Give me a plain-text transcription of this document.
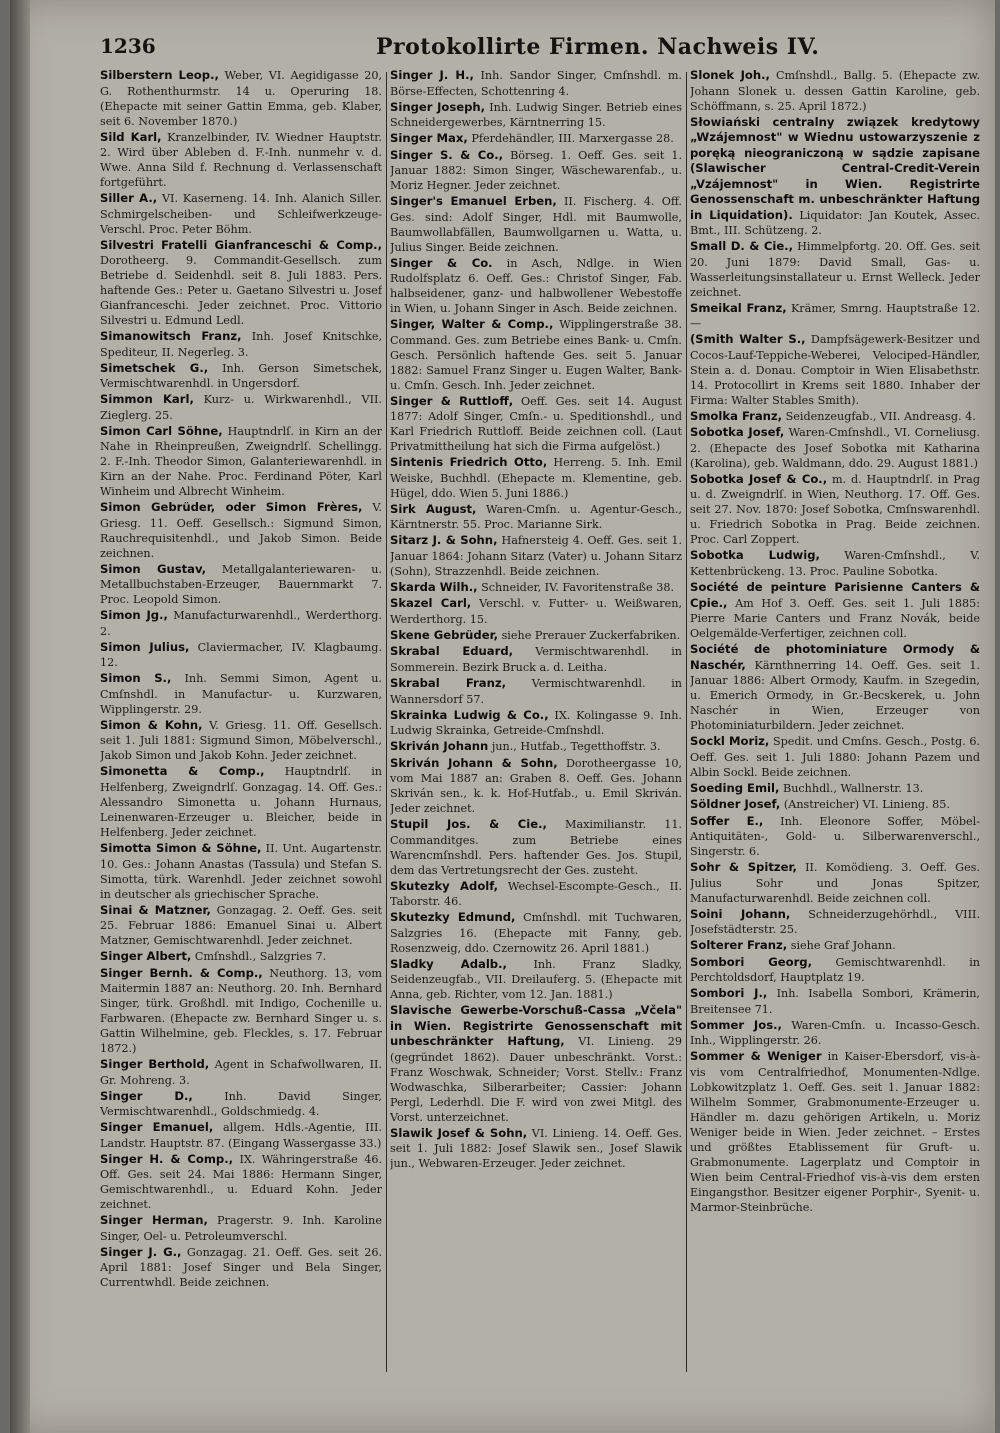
1236	Protokollirte Firmen. Nachweis IV.

Silberstern Leop., Weber, VI. Aegidigasse 20, G. Rothenthurmstr. 14 u. Operuring 18. (Ehepacte mit seiner Gattin Emma, geb. Klaber, seit 6. November 1870.)

Sild Karl, Kranzelbinder, IV. Wiedner Hauptstr. 2. Wird über Ableben d. F.-Inh. nunmehr v. d. Wwe. Anna Sild f. Rechnung d. Verlassenschaft fortgeführt.

Siller A., VI. Kaserneng. 14. Inh. Alanich Siller. Schmirgelscheiben- und Schleifwerkzeuge-Verschl. Proc. Peter Böhm.

Silvestri Fratelli Gianfranceschi & Comp., Dorotheerg. 9. Commandit-Gesellsch. zum Betriebe d. Seidenhdl. seit 8. Juli 1883. Pers. haftende Ges.: Peter u. Gaetano Silvestri u. Josef Gianfranceschi. Jeder zeichnet. Proc. Vittorio Silvestri u. Edmund Ledl.

Simanowitsch Franz, Inh. Josef Knitschke, Spediteur, II. Negerleg. 3.

Simetschek G., Inh. Gerson Simetschek, Vermischtwarenhdl. in Ungersdorf.

Simmon Karl, Kurz- u. Wirkwarenhdl., VII. Zieglerg. 25.

Simon Carl Söhne, Hauptndrlſ. in Kirn an der Nahe in Rheinpreußen, Zweigndrlſ. Schellingg. 2. F.-Inh. Theodor Simon, Galanteriewarenhdl. in Kirn an der Nahe. Proc. Ferdinand Pöter, Karl Winheim und Albrecht Winheim.

Simon Gebrüder, oder Simon Frères, V. Griesg. 11. Oeff. Gesellsch.: Sigmund Simon, Rauchrequisitenhdl., und Jakob Simon. Beide zeichnen.

Simon Gustav, Metallgalanteriewaren- u. Metallbuchstaben-Erzeuger, Bauernmarkt 7. Proc. Leopold Simon.

Simon Jg., Manufacturwarenhdl., Werderthorg. 2.

Simon Julius, Claviermacher, IV. Klagbaumg. 12.

Simon S., Inh. Semmi Simon, Agent u. Cmſnshdl. in Manufactur- u. Kurzwaren, Wipplingerstr. 29.

Simon & Kohn, V. Griesg. 11. Off. Gesellsch. seit 1. Juli 1881: Sigmund Simon, Möbelverschl., Jakob Simon und Jakob Kohn. Jeder zeichnet.

Simonetta & Comp., Hauptndrlſ. in Helfenberg, Zweigndrlſ. Gonzagag. 14. Off. Ges.: Alessandro Simonetta u. Johann Hurnaus, Leinenwaren-Erzeuger u. Bleicher, beide in Helfenberg. Jeder zeichnet.

Simotta Simon & Söhne, II. Unt. Augartenstr. 10. Ges.: Johann Anastas (Tassula) und Stefan S. Simotta, türk. Warenhdl. Jeder zeichnet sowohl in deutscher als griechischer Sprache.

Sinai & Matzner, Gonzagag. 2. Oeff. Ges. seit 25. Februar 1886: Emanuel Sinai u. Albert Matzner, Gemischtwarenhdl. Jeder zeichnet.

Singer Albert, Cmſnshdl., Salzgries 7.

Singer Bernh. & Comp., Neuthorg. 13, vom Maitermin 1887 an: Neuthorg. 20. Inh. Bernhard Singer, türk. Großhdl. mit Indigo, Cochenille u. Farbwaren. (Ehepacte zw. Bernhard Singer u. s. Gattin Wilhelmine, geb. Fleckles, s. 17. Februar 1872.)

Singer Berthold, Agent in Schafwollwaren, II. Gr. Mohreng. 3.

Singer D.,	Inh. David Singer, Vermischtwarenhdl., Goldschmiedg. 4.

Singer Emanuel, allgem. Hdls.-Agentie, III. Landstr. Hauptstr. 87. (Eingang Wassergasse 33.)

Singer H. & Comp., IX. Währingerstraße 46. Off. Ges. seit 24. Mai 1886: Hermann Singer, Gemischtwarenhdl., u. Eduard Kohn. Jeder zeichnet.

Singer Herman, Pragerstr. 9. Inh. Karoline Singer, Oel- u. Petroleumverschl.

Singer J. G., Gonzagag. 21. Oeff. Ges. seit 26. April 1881: Josef Singer und Bela Singer, Currentwhdl. Beide zeichnen.

Singer J. H., Inh. Sandor Singer, Cmſnshdl. m. Börse-Effecten, Schottenring 4.

Singer Joseph, Inh. Ludwig Singer. Betrieb eines Schneidergewerbes, Kärntnerring 15.

Singer Max, Pferdehändler, III. Marxergasse 28.

Singer S. & Co., Börseg. 1. Oeff. Ges. seit 1. Januar 1882: Simon Singer, Wäschewarenfab., u. Moriz Hegner. Jeder zeichnet.

Singer's Emanuel Erben, II. Fischerg. 4. Off. Ges. sind: Adolf Singer, Hdl. mit Baumwolle, Baumwollabfällen, Baumwollgarnen u. Watta, u. Julius Singer. Beide zeichnen.

Singer & Co. in Asch, Ndlge. in Wien Rudolfsplatz 6. Oeff. Ges.: Christof Singer, Fab. halbseidener, ganz- und halbwollener Webestoffe in Wien, u. Johann Singer in Asch. Beide zeichnen.

Singer, Walter & Comp., Wipplingerstraße 38. Command. Ges. zum Betriebe eines Bank- u. Cmſn. Gesch. Persönlich haftende Ges. seit 5. Januar 1882: Samuel Franz Singer u. Eugen Walter, Bank- u. Cmſn. Gesch. Inh. Jeder zeichnet.

Singer & Ruttloff, Oeff. Ges. seit 14. August 1877: Adolf Singer, Cmſn.- u. Speditionshdl., und Karl Friedrich Ruttloff. Beide zeichnen coll. (Laut Privatmittheilung hat sich die Firma aufgelöst.)

Sintenis Friedrich Otto, Herreng. 5. Inh. Emil Weiske, Buchhdl. (Ehepacte m. Klementine, geb. Hügel, ddo. Wien 5. Juni 1886.)

Sirk August, Waren-Cmſn. u. Agentur-Gesch., Kärntnerstr. 55. Proc. Marianne Sirk.

Sitarz J. & Sohn, Hafnersteig 4. Oeff. Ges. seit 1. Januar 1864: Johann Sitarz (Vater) u. Johann Sitarz (Sohn), Strazzenhdl. Beide zeichnen.

Skarda Wilh., Schneider, IV. Favoritenstraße 38.

Skazel Carl, Verschl. v. Futter- u. Weißwaren, Werderthorg. 15.

Skene Gebrüder, siehe Prerauer Zuckerfabriken.

Skrabal Eduard, Vermischtwarenhdl. in Sommerein. Bezirk Bruck a. d. Leitha.

Skrabal Franz, Vermischtwarenhdl. in Wannersdorf 57.

Skrainka Ludwig & Co., IX. Kolingasse 9. Inh. Ludwig Skrainka, Getreide-Cmſnshdl.

Skriván Johann jun., Hutfab., Tegetthoffstr. 3.

Skriván Johann & Sohn, Dorotheergasse 10, vom Mai 1887 an: Graben 8. Oeff. Ges. Johann Skriván sen., k. k. Hof-Hutfab., u. Emil Skriván. Jeder zeichnet.

Stupil Jos. & Cie., Maximilianstr. 11. Commanditges. zum Betriebe eines Warencmſnshdl. Pers. haftender Ges. Jos. Stupil, dem das Vertretungsrecht der Ges. zusteht.

Skutezky Adolf, Wechsel-Escompte-Gesch., II. Taborstr. 46.

Skutezky Edmund, Cmſnshdl. mit Tuchwaren, Salzgries 16. (Ehepacte mit Fanny, geb. Rosenzweig, ddo. Czernowitz 26. April 1881.)

Sladky Adalb., Inh. Franz Sladky, Seidenzeugfab., VII. Dreilauferg. 5. (Ehepacte mit Anna, geb. Richter, vom 12. Jan. 1881.)

Slavische Gewerbe-Vorschuß-Cassa „Včela" in Wien. Registrirte Genossenschaft mit unbeschränkter Haftung, VI. Linieng. 29 (gegründet 1862). Dauer unbeschränkt. Vorst.: Franz Woschwak, Schneider; Vorst. Stellv.: Franz Wodwaschka, Silberarbeiter; Cassier: Johann Pergl, Lederhdl. Die F. wird von zwei Mitgl. des Vorst. unterzeichnet.

Slawik Josef & Sohn, VI. Linieng. 14. Oeff. Ges. seit 1. Juli 1882: Josef Slawik sen., Josef Slawik jun., Webwaren-Erzeuger. Jeder zeichnet.

Slonek Joh., Cmſnshdl., Ballg. 5. (Ehepacte zw. Johann Slonek u. dessen Gattin Karoline, geb. Schöffmann, s. 25. April 1872.)

Słowiański centralny związek kredytowy „Wzájemnost" w Wiednu ustowarzyszenie z poręką nieograniczoną w sądzie zapisane (Slawischer Central-Credit-Verein „Vzájemnost" in Wien. Registrirte Genossenschaft m. unbeschränkter Haftung in Liquidation). Liquidator: Jan Koutek, Assec. Bmt., III. Schützeng. 2.

Small D. & Cie., Himmelpfortg. 20. Off. Ges. seit 20. Juni 1879: David Small, Gas- u. Wasserleitungsinstallateur u. Ernst Welleck. Jeder zeichnet.

Smeikal Franz, Krämer, Smrng. Hauptstraße 12. —

(Smith Walter S., Dampfsägewerk-Besitzer und Cocos-Lauf-Teppiche-Weberei, Velociped-Händler, Stein a. d. Donau. Comptoir in Wien Elisabethstr. 14. Protocollirt in Krems seit 1880. Inhaber der Firma: Walter Stables Smith).

Smolka Franz, Seidenzeugfab., VII. Andreasg. 4.

Sobotka Josef, Waren-Cmſnshdl., VI. Corneliusg. 2. (Ehepacte des Josef Sobotka mit Katharina (Karolina), geb. Waldmann, ddo. 29. August 1881.)

Sobotka Josef & Co., m. d. Hauptndrlſ. in Prag u. d. Zweigndrlſ. in Wien, Neuthorg. 17. Off. Ges. seit 27. Nov. 1870: Josef Sobotka, Cmſnswarenhdl. u. Friedrich Sobotka in Prag. Beide zeichnen. Proc. Carl Zoppert.

Sobotka Ludwig, Waren-Cmſnshdl., V. Kettenbrückeng. 13. Proc. Pauline Sobotka.

Société de peinture Parisienne Canters & Cpie., Am Hof 3. Oeff. Ges. seit 1. Juli 1885: Pierre Marie Canters und Franz Novák, beide Oelgemälde-Verfertiger, zeichnen coll.

Société de photominiature Ormody & Naschér, Kärnthnerring 14. Oeff. Ges. seit 1. Januar 1886: Albert Ormody, Kaufm. in Szegedin, u. Emerich Ormody, in Gr.-Becskerek, u. John Naschér in Wien, Erzeuger von Photominiaturbildern. Jeder zeichnet.

Sockl Moriz, Spedit. und Cmſns. Gesch., Postg. 6. Oeff. Ges. seit 1. Juli 1880: Johann Pazem und Albin Sockl. Beide zeichnen.

Soeding Emil, Buchhdl., Wallnerstr. 13.

Söldner Josef, (Anstreicher) VI. Linieng. 85.

Soffer E., Inh. Eleonore Soffer, Möbel-Antiquitäten-, Gold- u. Silberwarenverschl., Singerstr. 6.

Sohr & Spitzer, II. Komödieng. 3. Oeff. Ges. Julius Sohr und Jonas Spitzer, Manufacturwarenhdl. Beide zeichnen coll.

Soini Johann, Schneiderzugehörhdl., VIII. Josefstädterstr. 25.

Solterer Franz, siehe Graf Johann.

Sombori Georg, Gemischtwarenhdl. in Perchtoldsdorf, Hauptplatz 19.

Sombori J., Inh. Isabella Sombori, Krämerin, Breitensee 71.

Sommer Jos., Waren-Cmſn. u. Incasso-Gesch. Inh., Wipplingerstr. 26.

Sommer & Weniger in Kaiser-Ebersdorf, vis-à-vis vom Centralfriedhof, Monumenten-Ndlge. Lobkowitzplatz 1. Oeff. Ges. seit 1. Januar 1882: Wilhelm Sommer, Grabmonumente-Erzeuger u. Händler m. dazu gehörigen Artikeln, u. Moriz Weniger beide in Wien. Jeder zeichnet. – Erstes und größtes Etablissement für Gruft- u. Grabmonumente. Lagerplatz und Comptoir in Wien beim Central-Friedhof vis-à-vis dem ersten Eingangsthor. Besitzer eigener Porphir-, Syenit- u. Marmor-Steinbrüche.
